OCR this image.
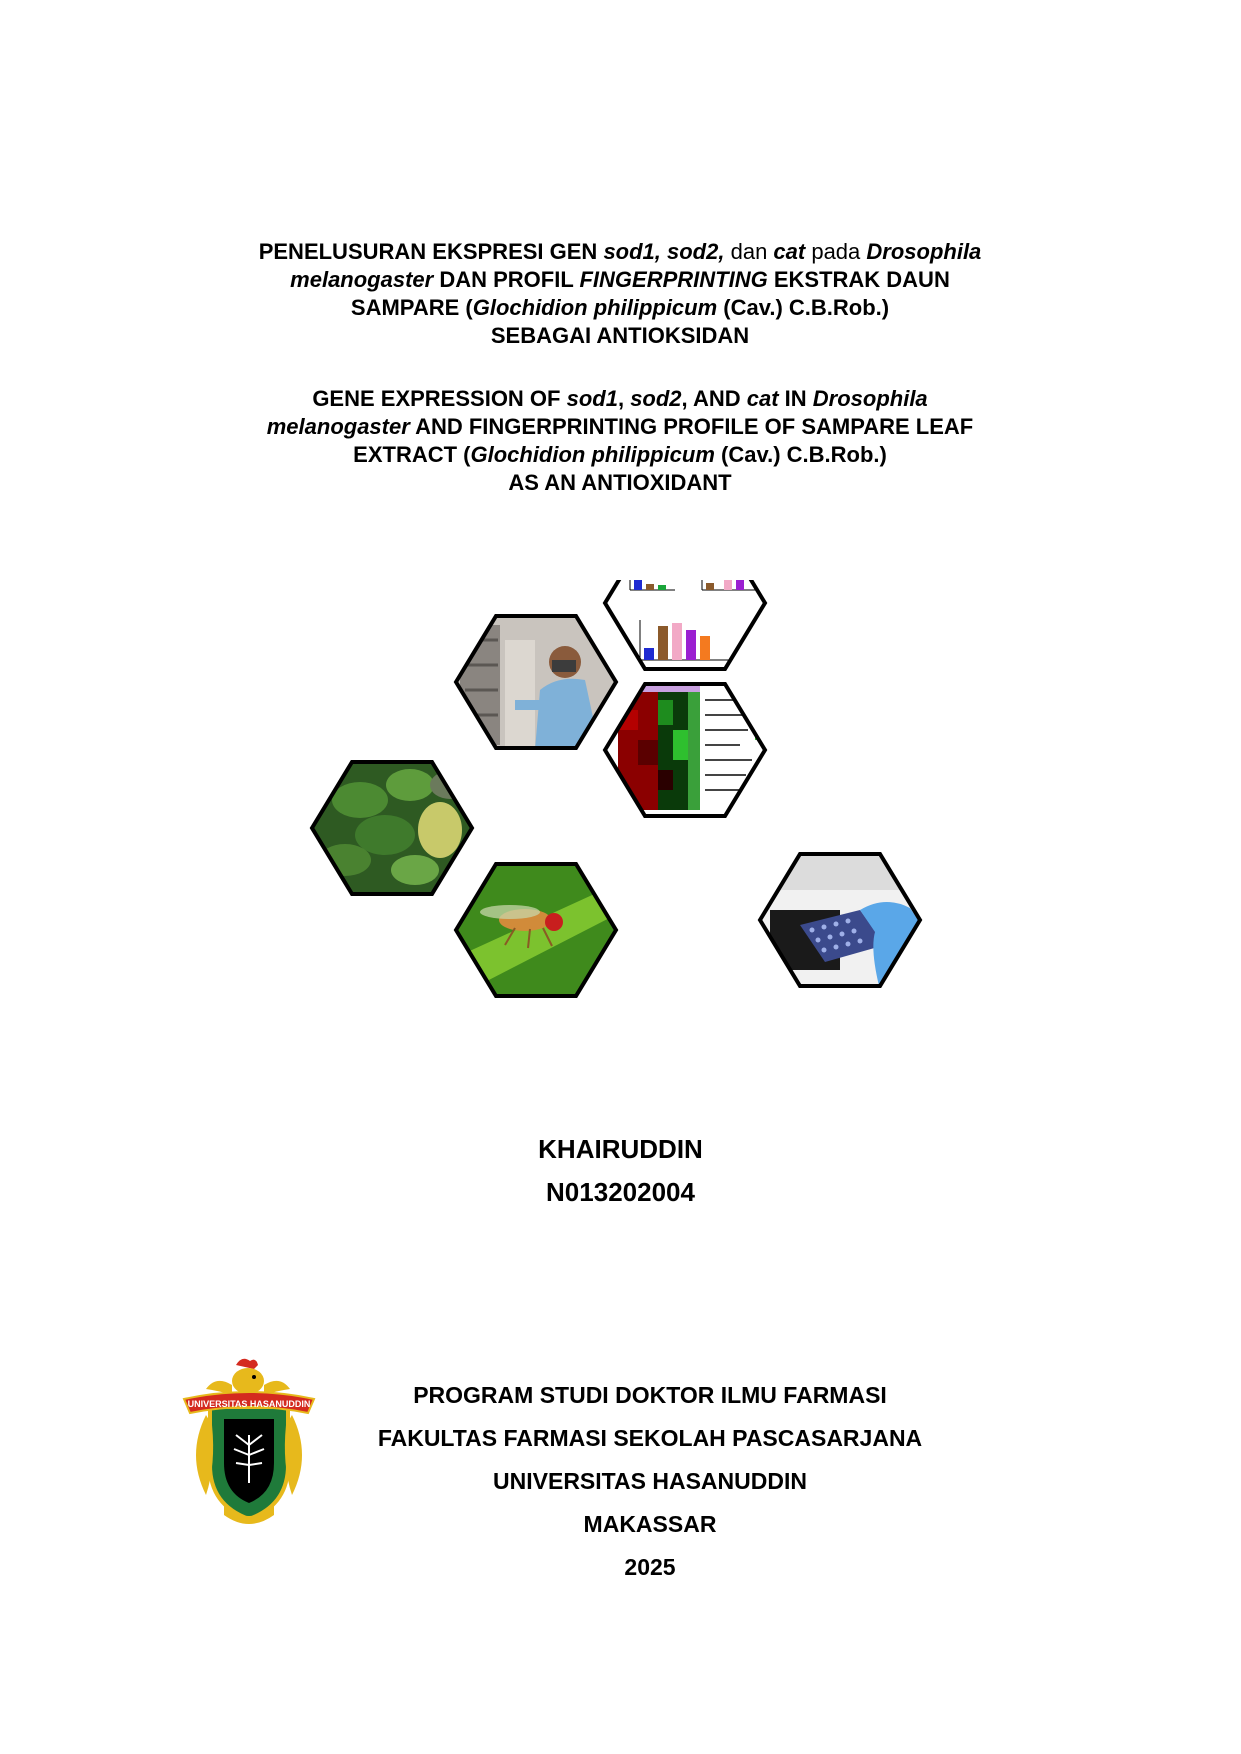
PENELUSURAN EKSPRESI GEN sod1, sod2, dan cat pada Drosophila
melanogaster DAN PROFIL FINGERPRINTING EKSTRAK DAUN
SAMPARE (Glochidion philippicum (Cav.) C.B.Rob.)
SEBAGAI ANTIOKSIDAN
GENE EXPRESSION OF sod1, sod2, AND cat IN Drosophila
melanogaster AND FINGERPRINTING PROFILE OF SAMPARE LEAF
EXTRACT (Glochidion philippicum (Cav.) C.B.Rob.)
AS AN ANTIOXIDANT
KHAIRUDDIN
N013202004
UNIVERSITAS HASANUDDIN	PROGRAM STUDI DOKTOR ILMU FARMASI
FAKULTAS FARMASI SEKOLAH PASCASARJANA
UNIVERSITAS HASANUDDIN
MAKASSAR
2025
